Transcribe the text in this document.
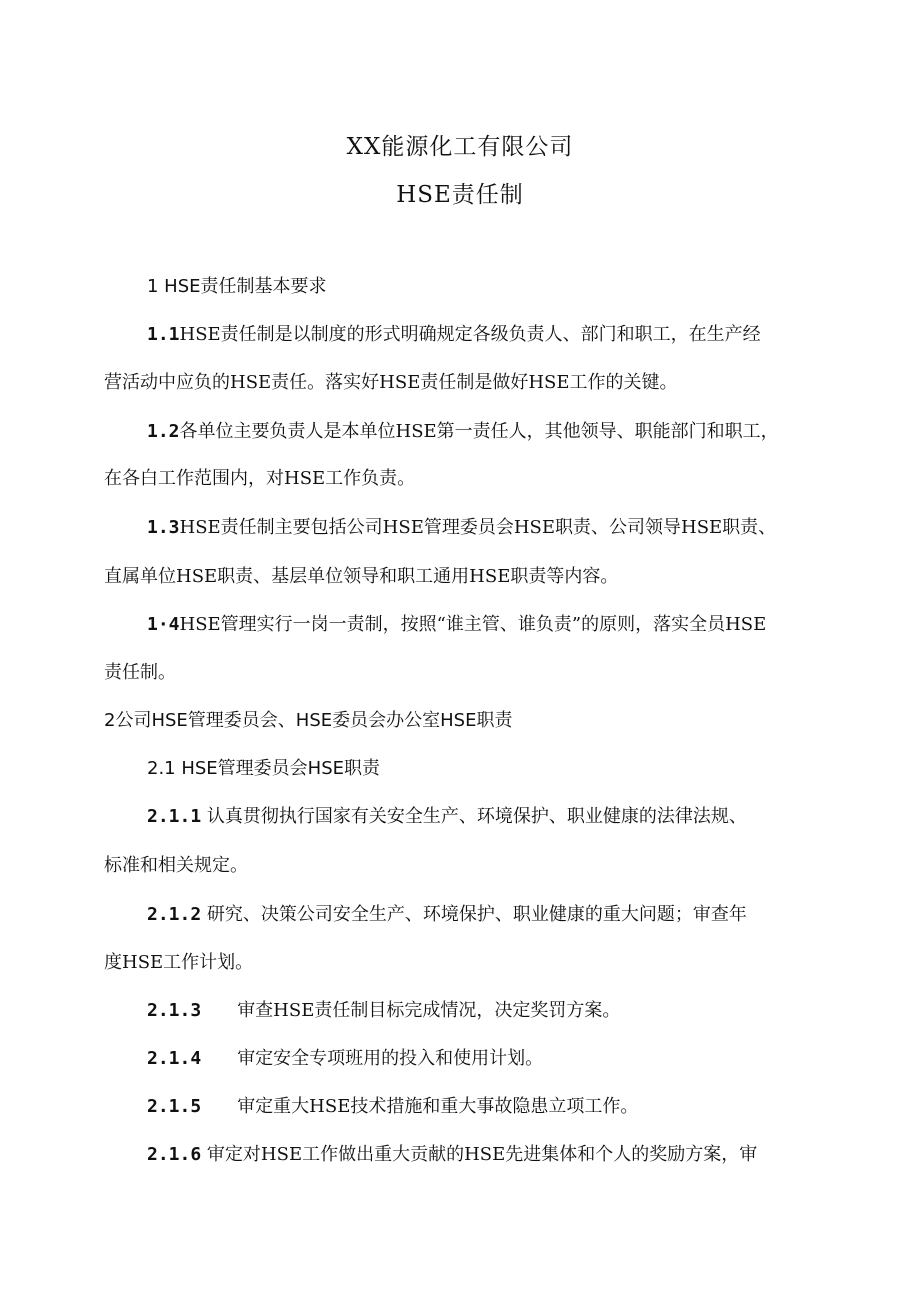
XX能源化工有限公司
HSE责任制
1 HSE责任制基本要求
1.1HSE责任制是以制度的形式明确规定各级负责人、部门和职工，在生产经
营活动中应负的HSE责任。落实好HSE责任制是做好HSE工作的关键。
1.2各单位主要负责人是本单位HSE第一责任人，其他领导、职能部门和职工，
在各白工作范围内，对HSE工作负责。
1.3HSE责任制主要包括公司HSE管理委员会HSE职责、公司领导HSE职责、
直属单位HSE职责、基层单位领导和职工通用HSE职责等内容。
1·4HSE管理实行一岗一责制，按照“谁主管、谁负责”的原则，落实全员HSE
责任制。
2公司HSE管理委员会、HSE委员会办公室HSE职责
2.1 HSE管理委员会HSE职责
2.1.1 认真贯彻执行国家有关安全生产、环境保护、职业健康的法律法规、
标准和相关规定。
2.1.2 研究、决策公司安全生产、环境保护、职业健康的重大问题；审查年
度HSE工作计划。
2.1.3 审查HSE责任制目标完成情况，决定奖罚方案。
2.1.4 审定安全专项班用的投入和使用计划。
2.1.5 审定重大HSE技术措施和重大事故隐患立项工作。
2.1.6 审定对HSE工作做出重大贡献的HSE先进集体和个人的奖励方案，审
